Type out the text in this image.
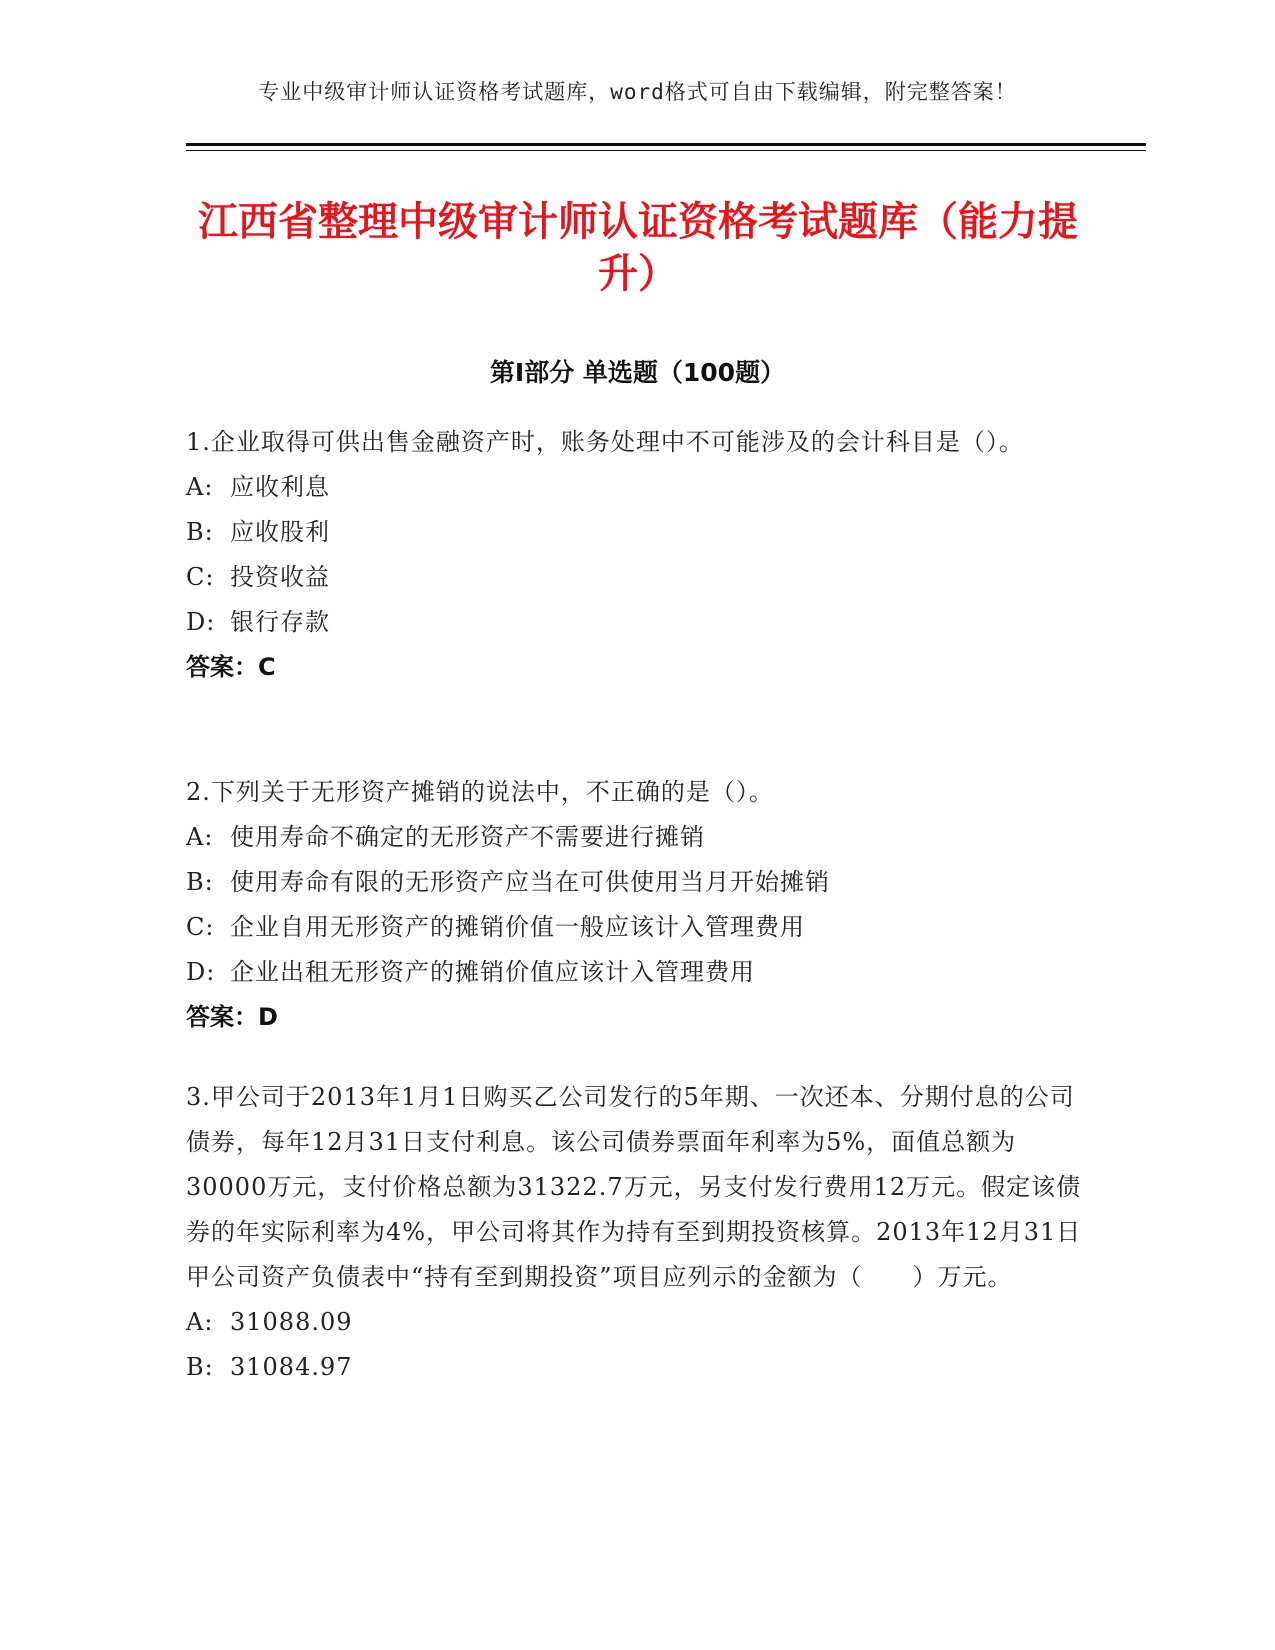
专业中级审计师认证资格考试题库，word格式可自由下载编辑，附完整答案！
江西省整理中级审计师认证资格考试题库（能力提升）
第Ⅰ部分 单选题（100题）

1.企业取得可供出售金融资产时，账务处理中不可能涉及的会计科目是（）。

A: 应收利息
B: 应收股利
C: 投资收益
D: 银行存款
答案：C

2.下列关于无形资产摊销的说法中，不正确的是（）。

A: 使用寿命不确定的无形资产不需要进行摊销
B: 使用寿命有限的无形资产应当在可供使用当月开始摊销
C: 企业自用无形资产的摊销价值一般应该计入管理费用
D: 企业出租无形资产的摊销价值应该计入管理费用
答案：D

3.甲公司于2013年1月1日购买乙公司发行的5年期、一次还本、分期付息的公司债券，每年12月31日支付利息。该公司债券票面年利率为5%，面值总额为30000万元，支付价格总额为31322.7万元，另支付发行费用12万元。假定该债券的年实际利率为4%，甲公司将其作为持有至到期投资核算。2013年12月31日甲公司资产负债表中“持有至到期投资”项目应列示的金额为（　　）万元。

A: 31088.09
B: 31084.97
